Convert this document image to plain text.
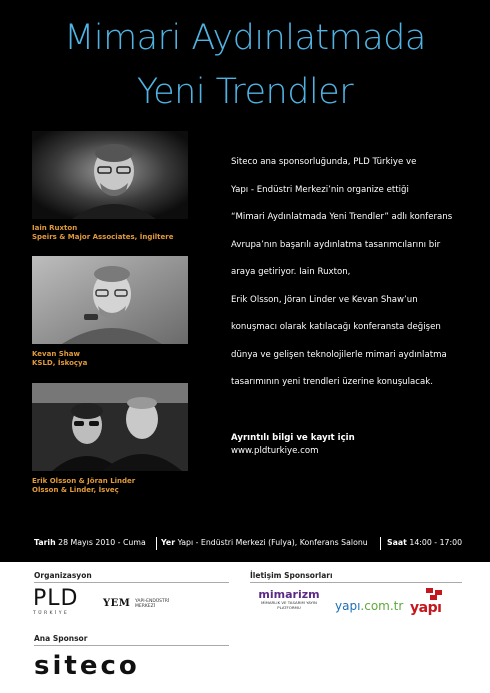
Mimari Aydınlatmada
Yeni Trendler
Iain Ruxton
Speirs & Major Associates, İngiltere
Kevan Shaw
KSLD, İskoçya
Erik Olsson & Jöran Linder
Olsson & Linder, İsveç
Siteco ana sponsorluğunda, PLD Türkiye ve
Yapı - Endüstri Merkezi’nin organize ettiği
“Mimari Aydınlatmada Yeni Trendler” adlı konferans
Avrupa’nın başarılı aydınlatma tasarımcılarını bir
araya getiriyor. Iain Ruxton,
Erik Olsson, Jöran Linder ve Kevan Shaw’un
konuşmacı olarak katılacağı konferansta değişen
dünya ve gelişen teknolojilerle mimari aydınlatma
tasarımının yeni trendleri üzerine konuşulacak.
Ayrıntılı bilgi ve kayıt için
www.pldturkiye.com
Tarih 28 Mayıs 2010 - Cuma Yer Yapı - Endüstri Merkezi (Fulya), Konferans Salonu Saat 14:00 - 17:00
Organizasyon	İletişim Sponsorları
PLD
TÜRKİYE
YEM YAPI-ENDÜSTRİ MERKEZİ
mimarizm
MİMARLIK VE TASARIM YAYIN PLATFORMU	yapı.com.tr yapı
Ana Sponsor
siteco
